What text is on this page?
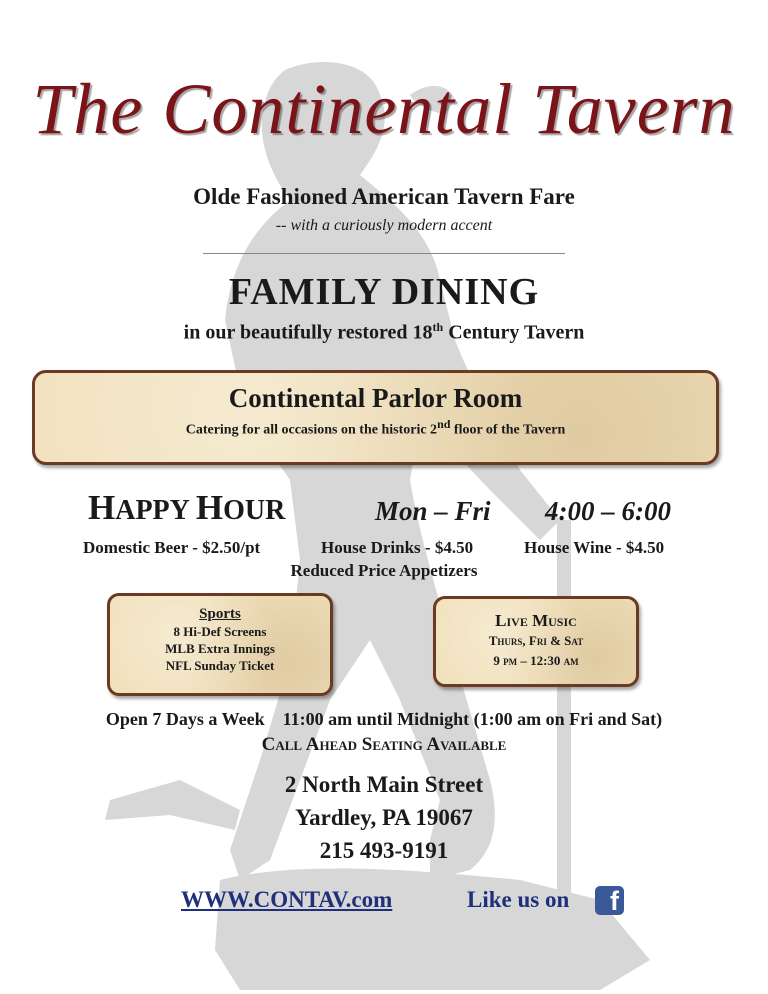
The Continental Tavern
Olde Fashioned American Tavern Fare
-- with a curiously modern accent
FAMILY DINING
in our beautifully restored 18th Century Tavern
Continental Parlor Room

Catering for all occasions on the historic 2nd floor of the Tavern

HAPPY HOUR	Mon – Fri 4:00 – 6:00
Domestic Beer - $2.50/pt	House Drinks - $4.50	House Wine - $4.50
Reduced Price Appetizers
Sports
8 Hi-Def Screens
MLB Extra Innings
NFL Sunday Ticket
Live Music
Thurs, Fri & Sat
9 pm – 12:30 am
Open 7 Days a Week    11:00 am until Midnight (1:00 am on Fri and Sat)
Call Ahead Seating Available
2 North Main Street
Yardley, PA 19067
215 493-9191
WWW.CONTAV.com	Like us on f
